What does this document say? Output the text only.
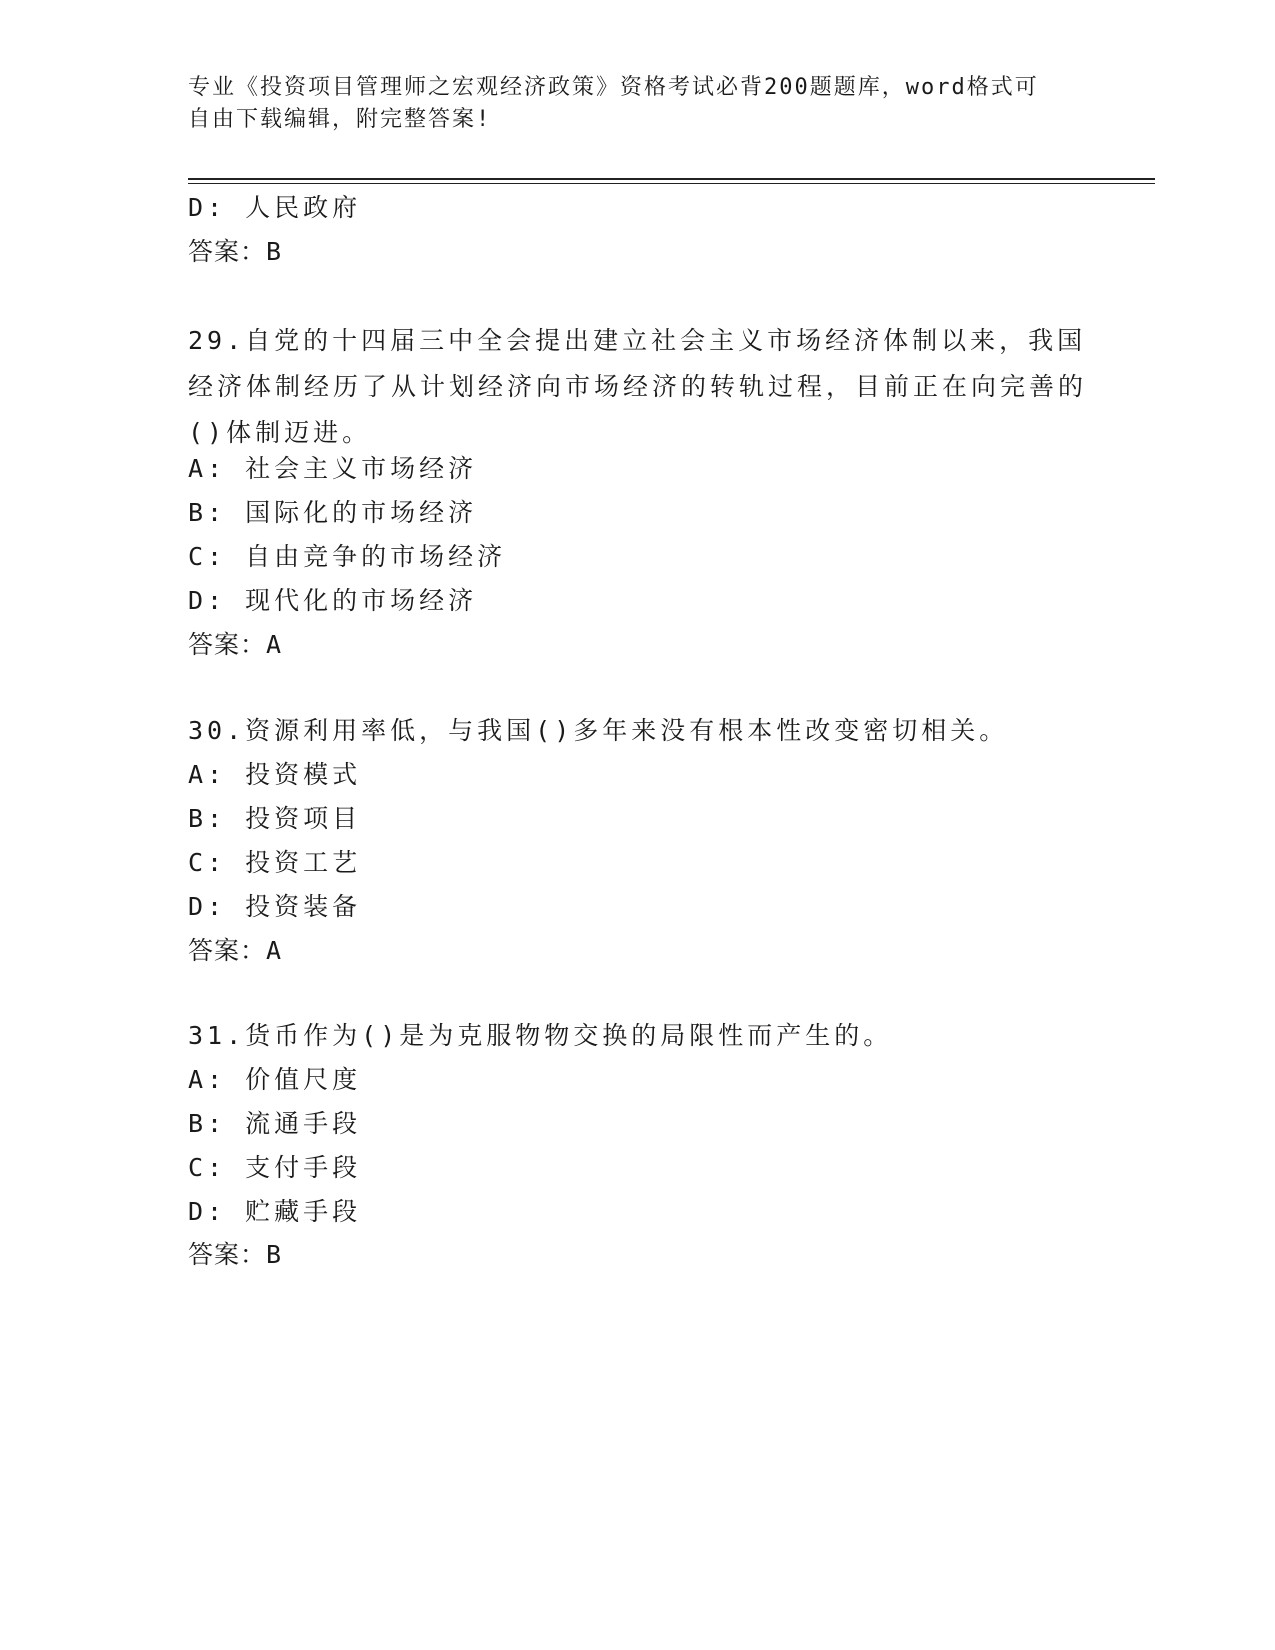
专业《投资项目管理师之宏观经济政策》资格考试必背200题题库，word格式可
自由下载编辑，附完整答案!
D: 人民政府
答案：B
29.自党的十四届三中全会提出建立社会主义市场经济体制以来，我国经济体制经历了从计划经济向市场经济的转轨过程，目前正在向完善的()体制迈进。
A: 社会主义市场经济
B: 国际化的市场经济
C: 自由竞争的市场经济
D: 现代化的市场经济
答案：A
30.资源利用率低，与我国()多年来没有根本性改变密切相关。
A: 投资模式
B: 投资项目
C: 投资工艺
D: 投资装备
答案：A
31.货币作为()是为克服物物交换的局限性而产生的。
A: 价值尺度
B: 流通手段
C: 支付手段
D: 贮藏手段
答案：B
